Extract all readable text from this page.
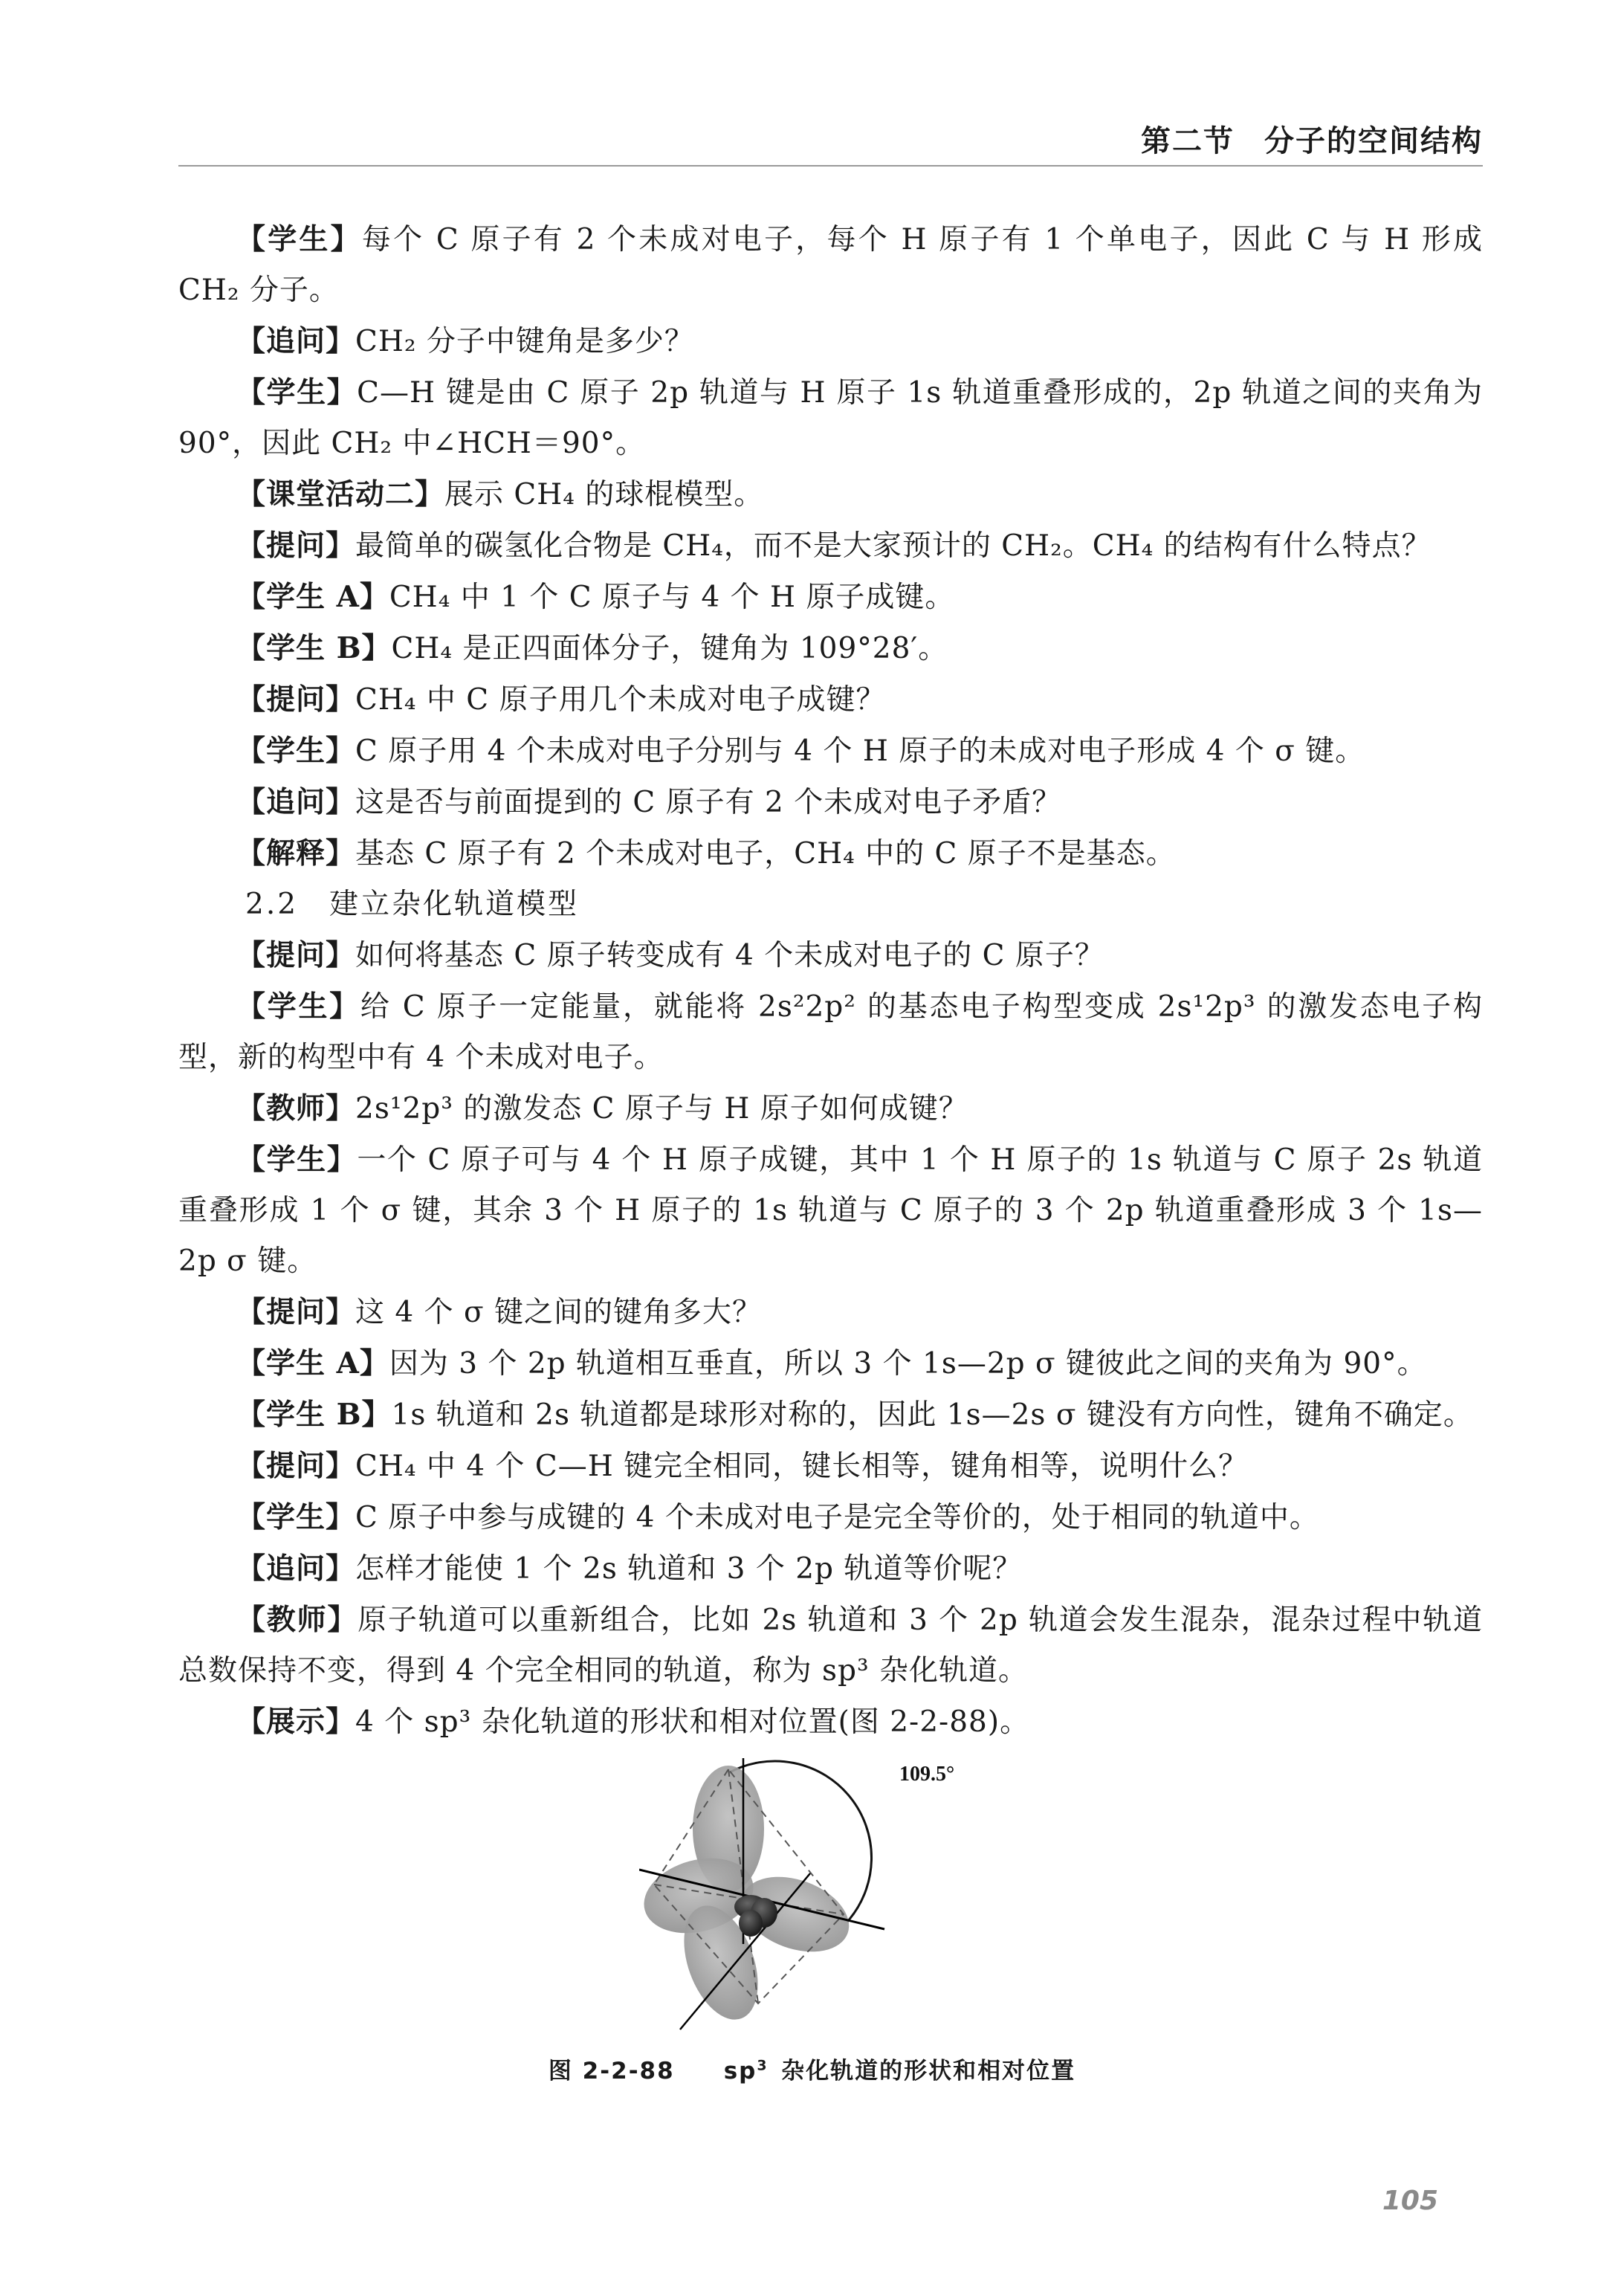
第二节 分子的空间结构

【学生】每个 C 原子有 2 个未成对电子，每个 H 原子有 1 个单电子，因此 C 与 H 形成 CH₂ 分子。

【追问】CH₂ 分子中键角是多少？

【学生】C—H 键是由 C 原子 2p 轨道与 H 原子 1s 轨道重叠形成的，2p 轨道之间的夹角为 90°，因此 CH₂ 中∠HCH＝90°。

【课堂活动二】展示 CH₄ 的球棍模型。

【提问】最简单的碳氢化合物是 CH₄，而不是大家预计的 CH₂。CH₄ 的结构有什么特点？

【学生 A】CH₄ 中 1 个 C 原子与 4 个 H 原子成键。

【学生 B】CH₄ 是正四面体分子，键角为 109°28′。

【提问】CH₄ 中 C 原子用几个未成对电子成键？

【学生】C 原子用 4 个未成对电子分别与 4 个 H 原子的未成对电子形成 4 个 σ 键。

【追问】这是否与前面提到的 C 原子有 2 个未成对电子矛盾？

【解释】基态 C 原子有 2 个未成对电子，CH₄ 中的 C 原子不是基态。

2.2　建立杂化轨道模型

【提问】如何将基态 C 原子转变成有 4 个未成对电子的 C 原子？

【学生】给 C 原子一定能量，就能将 2s²2p² 的基态电子构型变成 2s¹2p³ 的激发态电子构型，新的构型中有 4 个未成对电子。

【教师】2s¹2p³ 的激发态 C 原子与 H 原子如何成键？

【学生】一个 C 原子可与 4 个 H 原子成键，其中 1 个 H 原子的 1s 轨道与 C 原子 2s 轨道重叠形成 1 个 σ 键，其余 3 个 H 原子的 1s 轨道与 C 原子的 3 个 2p 轨道重叠形成 3 个 1s—2p σ 键。

【提问】这 4 个 σ 键之间的键角多大？

【学生 A】因为 3 个 2p 轨道相互垂直，所以 3 个 1s—2p σ 键彼此之间的夹角为 90°。

【学生 B】1s 轨道和 2s 轨道都是球形对称的，因此 1s—2s σ 键没有方向性，键角不确定。

【提问】CH₄ 中 4 个 C—H 键完全相同，键长相等，键角相等，说明什么？

【学生】C 原子中参与成键的 4 个未成对电子是完全等价的，处于相同的轨道中。

【追问】怎样才能使 1 个 2s 轨道和 3 个 2p 轨道等价呢？

【教师】原子轨道可以重新组合，比如 2s 轨道和 3 个 2p 轨道会发生混杂，混杂过程中轨道总数保持不变，得到 4 个完全相同的轨道，称为 sp³ 杂化轨道。

【展示】4 个 sp³ 杂化轨道的形状和相对位置(图 2-2-88)。

109.5°
图 2-2-88   $sp^3$  杂化轨道的形状和相对位置
105
